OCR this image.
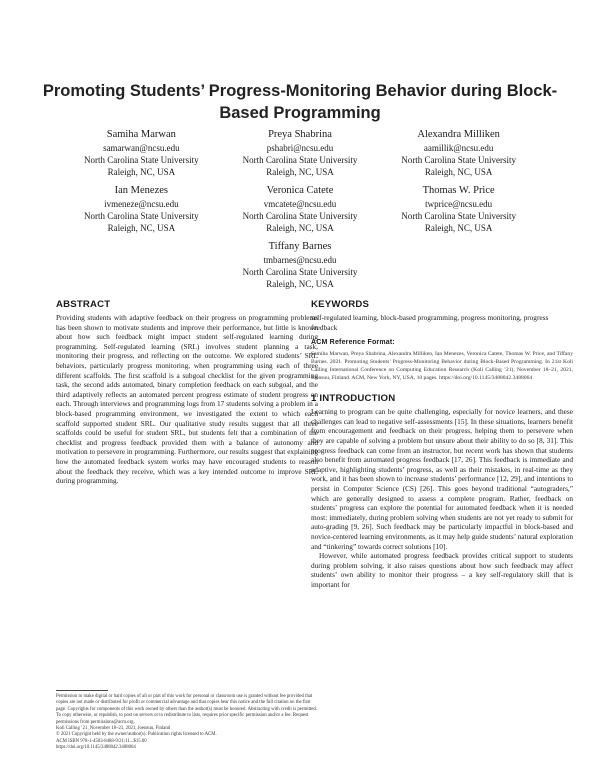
Promoting Students’ Progress-Monitoring Behavior during Block-Based Programming
Samiha Marwan
samarwan@ncsu.edu
North Carolina State University
Raleigh, NC, USA
Preya Shabrina
pshabri@ncsu.edu
North Carolina State University
Raleigh, NC, USA
Alexandra Milliken
aamillik@ncsu.edu
North Carolina State University
Raleigh, NC, USA
Ian Menezes
ivmeneze@ncsu.edu
North Carolina State University
Raleigh, NC, USA
Veronica Catete
vmcatete@ncsu.edu
North Carolina State University
Raleigh, NC, USA
Thomas W. Price
twprice@ncsu.edu
North Carolina State University
Raleigh, NC, USA
Tiffany Barnes
tmbarnes@ncsu.edu
North Carolina State University
Raleigh, NC, USA
ABSTRACT

Providing students with adaptive feedback on their progress on programming problems has been shown to motivate students and improve their performance, but little is known about how such feedback might impact student self-regulated learning during programming. Self-regulated learning (SRL) involves student planning a task, monitoring their progress, and reflecting on the outcome. We explored students’ SRL behaviors, particularly progress monitoring, when programming using each of three different scaffolds. The first scaffold is a subgoal checklist for the given programming task, the second adds automated, binary completion feedback on each subgoal, and the third adaptively reflects an automated percent progress estimate of student progress on each. Through interviews and programming logs from 17 students solving a problem in a block-based programming environment, we investigated the extent to which each scaffold supported student SRL. Our qualitative study results suggest that all three scaffolds could be useful for student SRL, but students felt that a combination of the checklist and progress feedback provided them with a balance of autonomy and motivation to persevere in programming. Furthermore, our results suggest that explaining how the automated feedback system works may have encouraged students to reason about the feedback they receive, which was a key intended outcome to improve SRL during programming.

KEYWORDS

self-regulated learning, block-based programming, progress monitoring, progress feedback

ACM Reference Format:

Samiha Marwan, Preya Shabrina, Alexandra Milliken, Ian Menezes, Veronica Catete, Thomas W. Price, and Tiffany Barnes. 2021. Promoting Students’ Progress-Monitoring Behavior during Block-Based Programming. In 21st Koli Calling International Conference on Computing Education Research (Koli Calling ’21), November 18–21, 2021, Joensuu, Finland. ACM, New York, NY, USA, 10 pages. https://doi.org/10.1145/3488042.3488064

1 INTRODUCTION

Learning to program can be quite challenging, especially for novice learners, and these challenges can lead to negative self-assessments [15]. In these situations, learners benefit from encouragement and feedback on their progress, helping them to persevere when they are capable of solving a problem but unsure about their ability to do so [8, 31]. This progress feedback can come from an instructor, but recent work has shown that students also benefit from automated progress feedback [17, 26]. This feedback is immediate and adaptive, highlighting students’ progress, as well as their mistakes, in real-time as they work, and it has been shown to increase students’ performance [12, 29], and intentions to persist in Computer Science (CS) [26]. This goes beyond traditional “autograders,” which are generally designed to assess a complete program. Rather, feedback on students’ progress can explore the potential for automated feedback when it is needed most: immediately, during problem solving when students are not yet ready to submit for auto-grading [9, 26]. Such feedback may be particularly impactful in block-based and novice-centered learning environments, as it may help guide students’ natural exploration and “tinkering” towards correct solutions [10].

However, while automated progress feedback provides critical support to students during problem solving, it also raises questions about how such feedback may affect students’ own ability to monitor their progress – a key self-regulatory skill that is important for

Permission to make digital or hard copies of all or part of this work for personal or classroom use is granted without fee provided that copies are not made or distributed for profit or commercial advantage and that copies bear this notice and the full citation on the first page. Copyrights for components of this work owned by others than the author(s) must be honored. Abstracting with credit is permitted. To copy otherwise, or republish, to post on servers or to redistribute to lists, requires prior specific permission and/or a fee. Request permissions from permissions@acm.org.

Koli Calling ’21, November 18–21, 2021, Joensuu, Finland

© 2021 Copyright held by the owner/author(s). Publication rights licensed to ACM.

ACM ISBN 978-1-4503-8488-9/21/11...$15.00

https://doi.org/10.1145/3488042.3488064
